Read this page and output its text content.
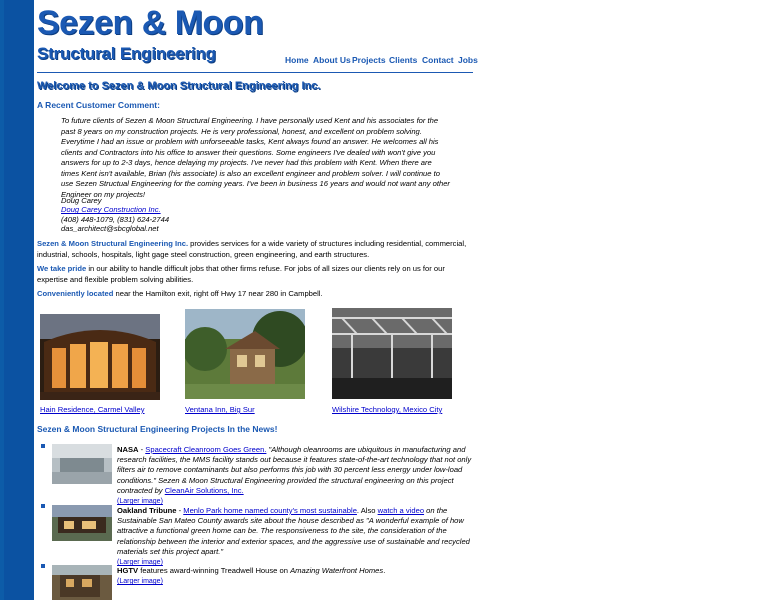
Sezen & Moon
Structural Engineering	Home About Us Projects Clients Contact Jobs
Welcome to Sezen & Moon Structural Engineering Inc.
A Recent Customer Comment:
To future clients of Sezen & Moon Structural Engineering. I have personally used Kent and his associates for the past 8 years on my construction projects. He is very professional, honest, and excellent on problem solving. Everytime I had an issue or problem with unforseeable tasks, Kent always found an answer. He welcomes all his clients and Contractors into his office to answer their questions. Some engineers I've dealed with won't give you answers for up to 2-3 days, hence delaying my projects. I've never had this problem with Kent. When there are times Kent isn't available, Brian (his associate) is also an excellent engineer and problem solver. I will continue to use Sezen Structual Engineering for the coming years. I've been in business 16 years and would not want any other Engineer on my projects!
Doug Carey
Doug Carey Construction Inc.
(408) 448-1079, (831) 624-2744
das_architect@sbcglobal.net
Sezen & Moon Structural Engineering Inc. provides services for a wide variety of structures including residential, commercial, industrial, schools, hospitals, light gage steel construction, green engineering, and earth structures.
We take pride in our ability to handle difficult jobs that other firms refuse. For jobs of all sizes our clients rely on us for our expertise and flexible problem solving abilities.
Conveniently located near the Hamilton exit, right off Hwy 17 near 280 in Campbell.
Hain Residence, Carmel Valley	Ventana Inn, Big Sur	Wilshire Technology, Mexico City
Sezen & Moon Structural Engineering Projects In the News!
NASA - Spacecraft Cleanroom Goes Green. "Although cleanrooms are ubiquitous in manufacturing and research facilities, the MMS facility stands out because it features state-of-the-art technology that not only filters air to remove contaminants but also performs this job with 30 percent less energy under low-load conditions." Sezen & Moon Structural Engineering provided the structural engineering on this project contracted by CleanAir Solutions, Inc.
(Larger image)
Oakland Tribune - Menlo Park home named county's most sustainable. Also watch a video on the Sustainable San Mateo County awards site about the house described as "A wonderful example of how attractive a functional green home can be. The responsiveness to the site, the consideration of the relationship between the interior and exterior spaces, and the aggressive use of sustainable and recycled materials set this project apart."
(Larger image)
HGTV features award-winning Treadwell House on Amazing Waterfront Homes.
(Larger image)
